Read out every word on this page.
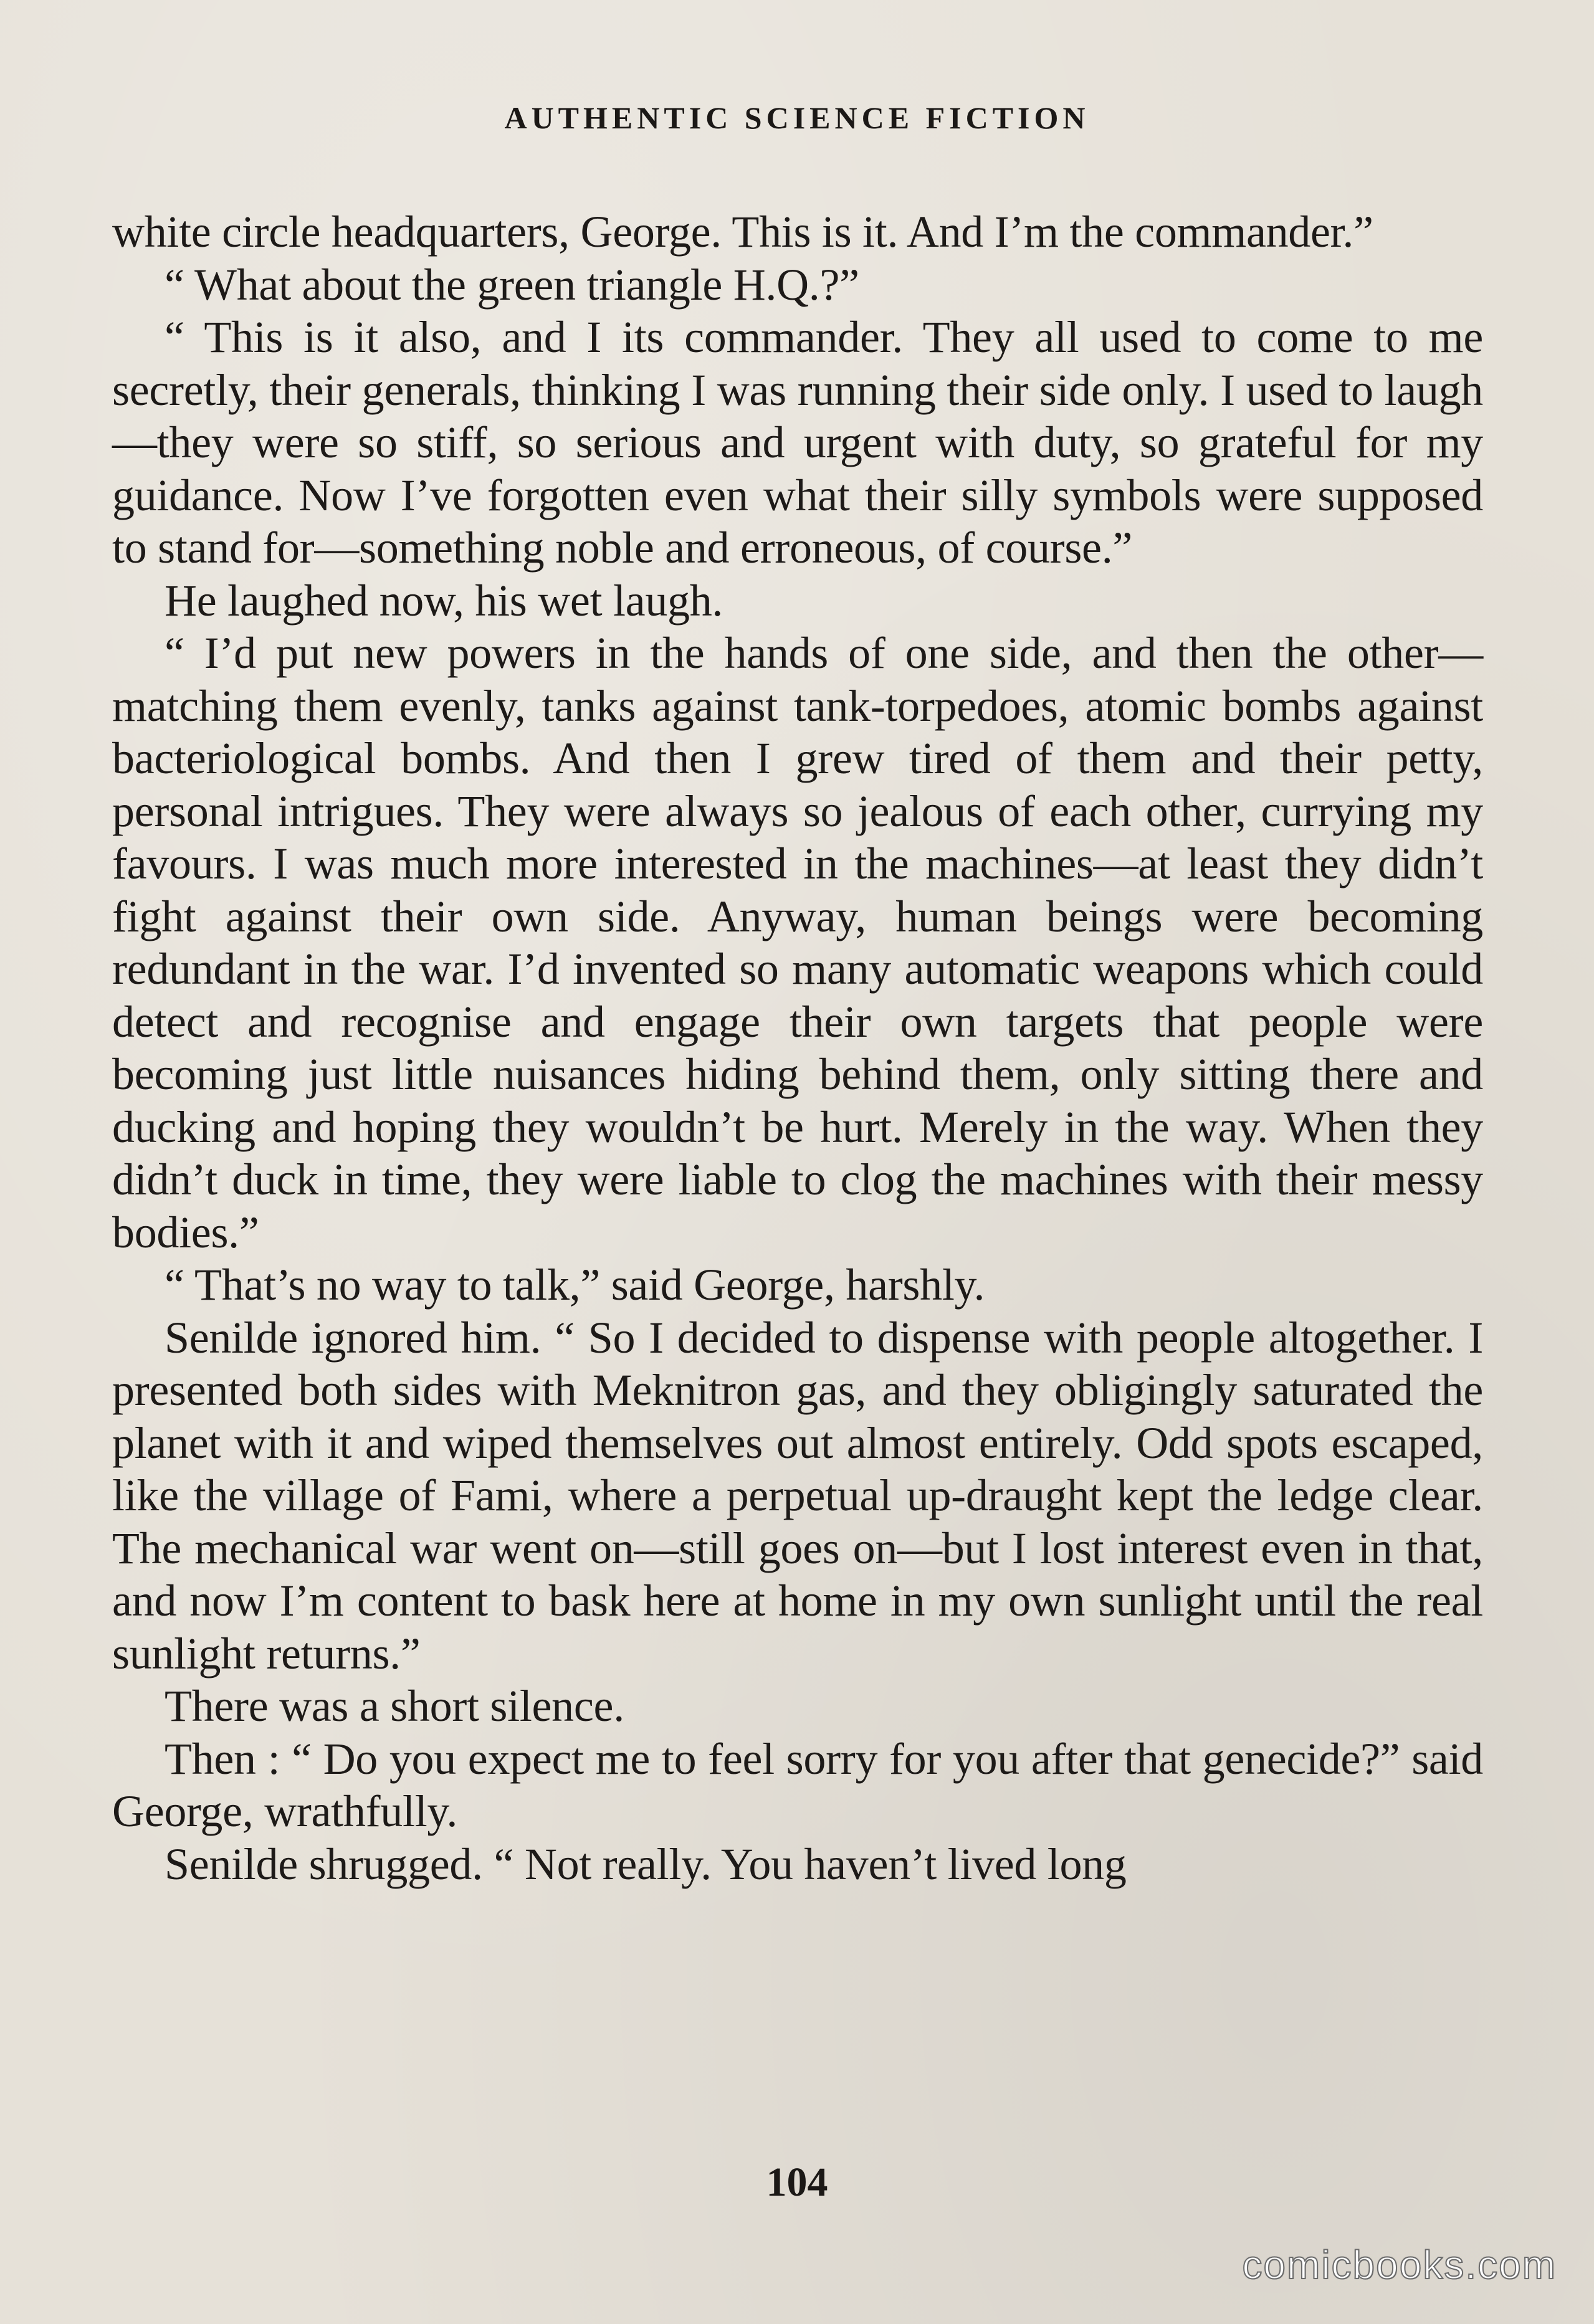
AUTHENTIC SCIENCE FICTION

white circle headquarters, George. This is it. And I’m the commander.”

“ What about the green triangle H.Q.?”

“ This is it also, and I its commander. They all used to come to me secretly, their generals, thinking I was running their side only. I used to laugh—they were so stiff, so serious and urgent with duty, so grateful for my guidance. Now I’ve forgotten even what their silly symbols were supposed to stand for—something noble and erroneous, of course.”

He laughed now, his wet laugh.

“ I’d put new powers in the hands of one side, and then the other—matching them evenly, tanks against tank-torpedoes, atomic bombs against bacteriological bombs. And then I grew tired of them and their petty, personal intrigues. They were always so jealous of each other, currying my favours. I was much more interested in the machines—at least they didn’t fight against their own side. Anyway, human beings were becoming redundant in the war. I’d invented so many automatic weapons which could detect and recognise and engage their own targets that people were becoming just little nuisances hiding behind them, only sitting there and ducking and hoping they wouldn’t be hurt. Merely in the way. When they didn’t duck in time, they were liable to clog the machines with their messy bodies.”

“ That’s no way to talk,” said George, harshly.

Senilde ignored him. “ So I decided to dispense with people altogether. I presented both sides with Meknitron gas, and they obligingly saturated the planet with it and wiped themselves out almost entirely. Odd spots escaped, like the village of Fami, where a perpetual up-draught kept the ledge clear. The mechanical war went on—still goes on—but I lost interest even in that, and now I’m content to bask here at home in my own sunlight until the real sunlight returns.”

There was a short silence.

Then : “ Do you expect me to feel sorry for you after that genecide?” said George, wrathfully.

Senilde shrugged. “ Not really. You haven’t lived long

104
comicbooks.com
